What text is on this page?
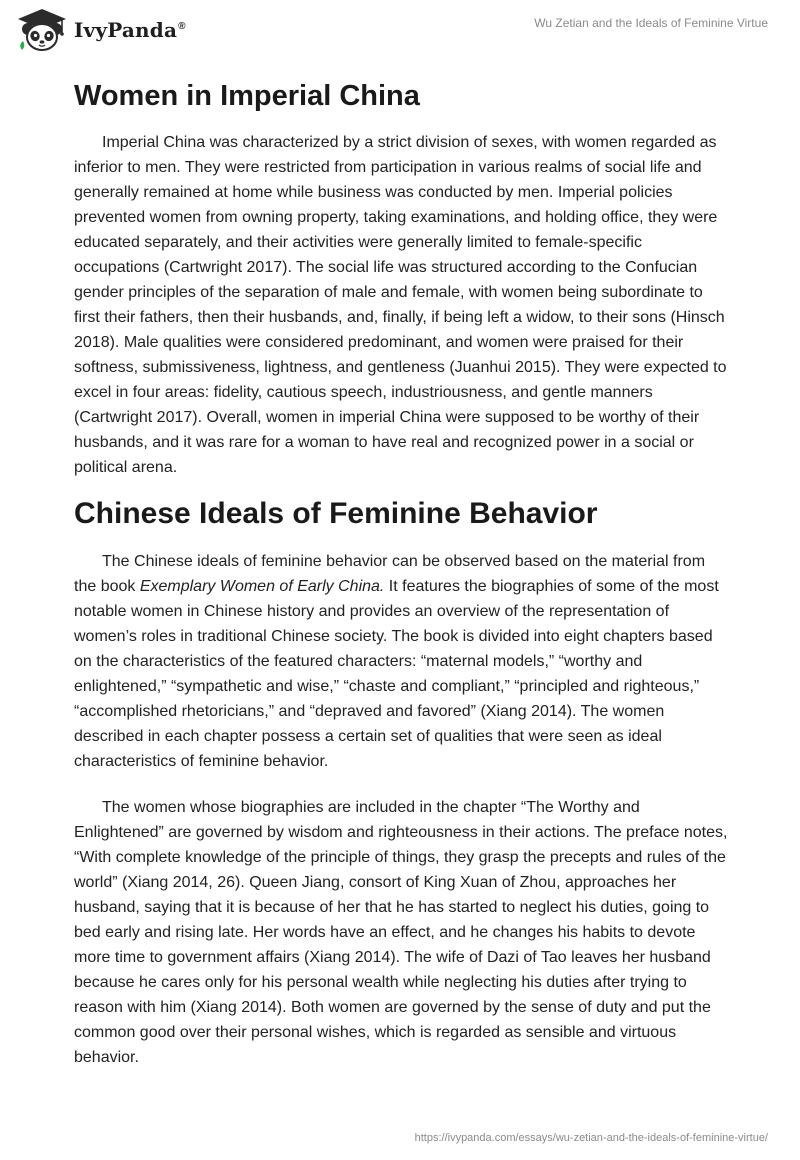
IvyPanda®	Wu Zetian and the Ideals of Feminine Virtue
Women in Imperial China

Imperial China was characterized by a strict division of sexes, with women regarded as inferior to men. They were restricted from participation in various realms of social life and generally remained at home while business was conducted by men. Imperial policies prevented women from owning property, taking examinations, and holding office, they were educated separately, and their activities were generally limited to female-specific occupations (Cartwright 2017). The social life was structured according to the Confucian gender principles of the separation of male and female, with women being subordinate to first their fathers, then their husbands, and, finally, if being left a widow, to their sons (Hinsch 2018). Male qualities were considered predominant, and women were praised for their softness, submissiveness, lightness, and gentleness (Juanhui 2015). They were expected to excel in four areas: fidelity, cautious speech, industriousness, and gentle manners (Cartwright 2017). Overall, women in imperial China were supposed to be worthy of their husbands, and it was rare for a woman to have real and recognized power in a social or political arena.

Chinese Ideals of Feminine Behavior

The Chinese ideals of feminine behavior can be observed based on the material from the book Exemplary Women of Early China. It features the biographies of some of the most notable women in Chinese history and provides an overview of the representation of women’s roles in traditional Chinese society. The book is divided into eight chapters based on the characteristics of the featured characters: “maternal models,” “worthy and enlightened,” “sympathetic and wise,” “chaste and compliant,” “principled and righteous,” “accomplished rhetoricians,” and “depraved and favored” (Xiang 2014). The women described in each chapter possess a certain set of qualities that were seen as ideal characteristics of feminine behavior.

The women whose biographies are included in the chapter “The Worthy and Enlightened” are governed by wisdom and righteousness in their actions. The preface notes, “With complete knowledge of the principle of things, they grasp the precepts and rules of the world” (Xiang 2014, 26). Queen Jiang, consort of King Xuan of Zhou, approaches her husband, saying that it is because of her that he has started to neglect his duties, going to bed early and rising late. Her words have an effect, and he changes his habits to devote more time to government affairs (Xiang 2014). The wife of Dazi of Tao leaves her husband because he cares only for his personal wealth while neglecting his duties after trying to reason with him (Xiang 2014). Both women are governed by the sense of duty and put the common good over their personal wishes, which is regarded as sensible and virtuous behavior.

https://ivypanda.com/essays/wu-zetian-and-the-ideals-of-feminine-virtue/
